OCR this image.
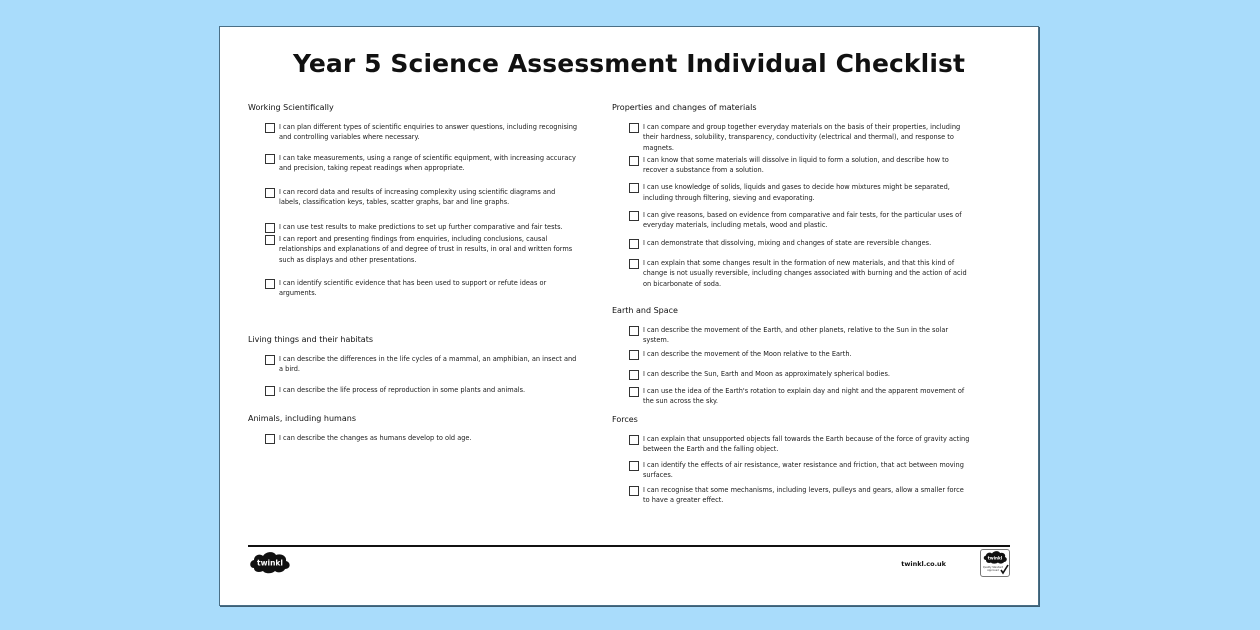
Year 5 Science Assessment Individual Checklist
Working Scientifically
I can plan different types of scientific enquiries to answer questions, including recognising and controlling variables where necessary.
I can take measurements, using a range of scientific equipment, with increasing accuracy and precision, taking repeat readings when appropriate.
I can record data and results of increasing complexity using scientific diagrams and labels, classification keys, tables, scatter graphs, bar and line graphs.
I can use test results to make predictions to set up further comparative and fair tests.
I can report and presenting findings from enquiries, including conclusions, causal relationships and explanations of and degree of trust in results, in oral and written forms such as displays and other presentations.
I can identify scientific evidence that has been used to support or refute ideas or arguments.
Living things and their habitats
I can describe the differences in the life cycles of a mammal, an amphibian, an insect and a bird.
I can describe the life process of reproduction in some plants and animals.
Animals, including humans
I can describe the changes as humans develop to old age.
Properties and changes of materials
I can compare and group together everyday materials on the basis of their properties, including their hardness, solubility, transparency, conductivity (electrical and thermal), and response to magnets.
I can know that some materials will dissolve in liquid to form a solution, and describe how to recover a substance from a solution.
I can use knowledge of solids, liquids and gases to decide how mixtures might be separated, including through filtering, sieving and evaporating.
I can give reasons, based on evidence from comparative and fair tests, for the particular uses of everyday materials, including metals, wood and plastic.
I can demonstrate that dissolving, mixing and changes of state are reversible changes.
I can explain that some changes result in the formation of new materials, and that this kind of change is not usually reversible, including changes associated with burning and the action of acid on bicarbonate of soda.
Earth and Space
I can describe the movement of the Earth, and other planets, relative to the Sun in the solar system.
I can describe the movement of the Moon relative to the Earth.
I can describe the Sun, Earth and Moon as approximately spherical bodies.
I can use the idea of the Earth's rotation to explain day and night and the apparent movement of the sun across the sky.
Forces
I can explain that unsupported objects fall towards the Earth because of the force of gravity acting between the Earth and the falling object.
I can identify the effects of air resistance, water resistance and friction, that act between moving surfaces.
I can recognise that some mechanisms, including levers, pulleys and gears, allow a smaller force to have a greater effect.
twinkl	twinkl.co.uk
twinkl
Quality Standard
Approved
